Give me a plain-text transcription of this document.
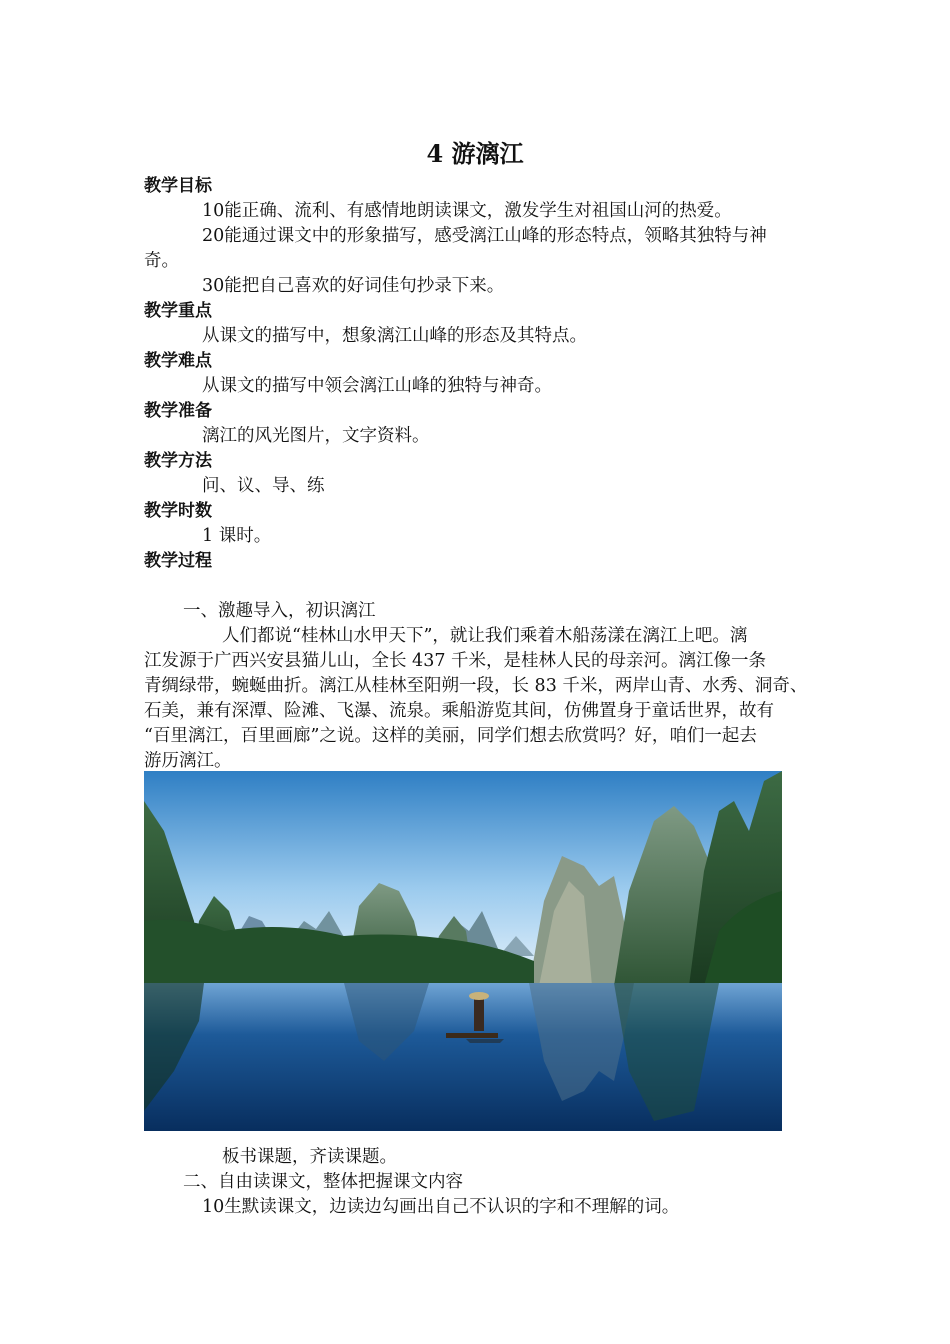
4 游漓江
教学目标
10能正确、流利、有感情地朗读课文，激发学生对祖国山河的热爱。
20能通过课文中的形象描写，感受漓江山峰的形态特点，领略其独特与神
奇。
30能把自己喜欢的好词佳句抄录下来。
教学重点
从课文的描写中，想象漓江山峰的形态及其特点。
教学难点
从课文的描写中领会漓江山峰的独特与神奇。
教学准备
漓江的风光图片，文字资料。
教学方法
问、议、导、练
教学时数
1 课时。
教学过程
一、激趣导入，初识漓江
人们都说“桂林山水甲天下”，就让我们乘着木船荡漾在漓江上吧。漓
江发源于广西兴安县猫儿山，全长 437 千米，是桂林人民的母亲河。漓江像一条
青绸绿带，蜿蜒曲折。漓江从桂林至阳朔一段，长 83 千米，两岸山青、水秀、洞奇、
石美，兼有深潭、险滩、飞瀑、流泉。乘船游览其间，仿佛置身于童话世界，故有
“百里漓江，百里画廊”之说。这样的美丽，同学们想去欣赏吗？好，咱们一起去
游历漓江。
板书课题，齐读课题。
二、自由读课文，整体把握课文内容
10生默读课文，边读边勾画出自己不认识的字和不理解的词。
